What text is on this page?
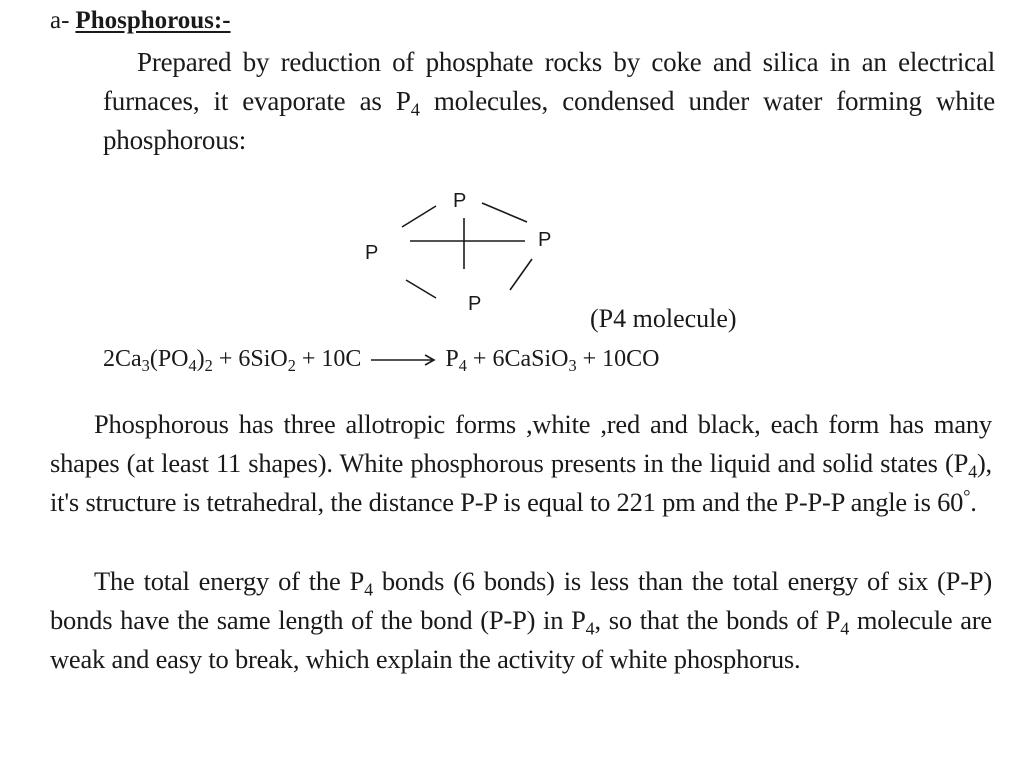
a- Phosphorous:-
Prepared by reduction of phosphate rocks by coke and silica in an electrical furnaces, it evaporate as $P_4$ molecules, condensed under water forming white phosphorous:
P
P
P
P	(P4 molecule)
$2Ca_3(PO_4)_2 + 6SiO_2 + 10C \to P_4$ + 6CaSiO$_3$ + 10CO
Phosphorous has three allotropic forms ,white ,red and black, each form has many shapes (at least 11 shapes). White phosphorous presents in the liquid and solid states $(P_4)$, it's structure is tetrahedral, the distance P-P is equal to 221 pm and the P-P-P angle is 60°.
The total energy of the $P_4$ bonds (6 bonds) is less than the total energy of six (P-P) bonds have the same length of the bond (P-P) in $P_4$, so that the bonds of $P_4$ molecule are weak and easy to break, which explain the activity of white phosphorus.
